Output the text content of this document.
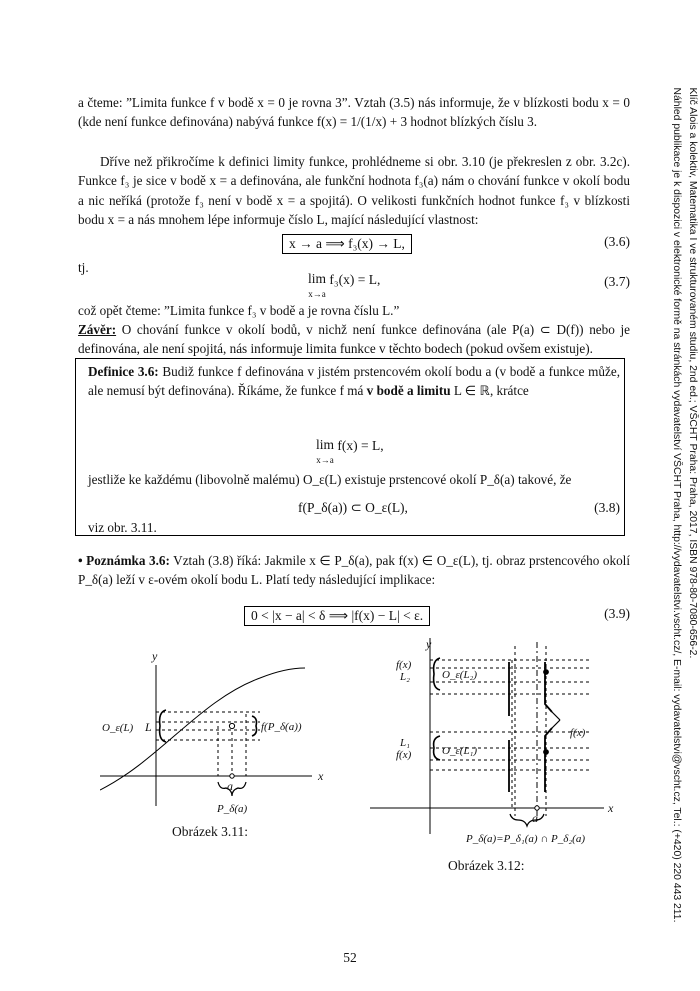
a čteme: ”Limita funkce f v bodě x = 0 je rovna 3”. Vztah (3.5) nás informuje, že v blízkosti bodu x = 0 (kde není funkce definována) nabývá funkce f(x) = 1/(1/x) + 3 hodnot blízkých číslu 3.
Dříve než přikročíme k definici limity funkce, prohlédneme si obr. 3.10 (je překreslen z obr. 3.2c). Funkce f₃ je sice v bodě x = a definována, ale funkční hodnota f₃(a) nám o chování funkce v okolí bodu a nic neříká (protože f₃ není v bodě x = a spojitá). O velikosti funkčních hodnot funkce f₃ v blízkosti bodu x = a nás mnohem lépe informuje číslo L, mající následující vlastnost:
x → a ⟹ f₃(x) → L,	(3.6)
tj.
lim
x→a f₃(x) = L,	(3.7)
což opět čteme: ”Limita funkce f₃ v bodě a je rovna číslu L.”
Závěr: O chování funkce v okolí bodů, v nichž není funkce definována (ale P(a) ⊂ D(f)) nebo je definována, ale není spojitá, nás informuje limita funkce v těchto bodech (pokud ovšem existuje).
Definice 3.6: Budiž funkce f definována v jistém prstencovém okolí bodu a (v bodě a funkce může, ale nemusí být definována). Říkáme, že funkce f má v bodě a limitu L ∈ ℝ, krátce
lim
x→a f(x) = L,
jestliže ke každému (libovolně malému) O_ε(L) existuje prstencové okolí P_δ(a) takové, že
f(P_δ(a)) ⊂ O_ε(L),	(3.8)
viz obr. 3.11.
• Poznámka 3.6: Vztah (3.8) říká: Jakmile x ∈ P_δ(a), pak f(x) ∈ O_ε(L), tj. obraz prstencového okolí P_δ(a) leží v ε-ovém okolí bodu L. Platí tedy následující implikace:
0 < |x − a| < δ ⟹ |f(x) − L| < ε.	(3.9)
y
x
a
L
O_ε(L)	f(P_δ(a))
P_δ(a)
Obrázek 3.11:
y
x
a
f(x)
L₂	O_ε(L₂)
L₁
f(x)	O_ε(L₁)
f(x)
P_δ(a)=P_δ₁(a) ∩ P_δ₂(a)
Obrázek 3.12:
52
Klíč Alois a kolektiv, Matematika I ve strukturovaném studiu, 2nd ed.; VŠCHT Praha: Praha, 2017, ISBN 978-80-7080-656-2.
Náhled publikace je k dispozici v elektronické formě na stránkách vydavatelství VŠCHT Praha, http://vydavatelstvi.vscht.cz/, E-mail: vydavatelstvi@vscht.cz, Tel.: (+420) 220 443 211.
